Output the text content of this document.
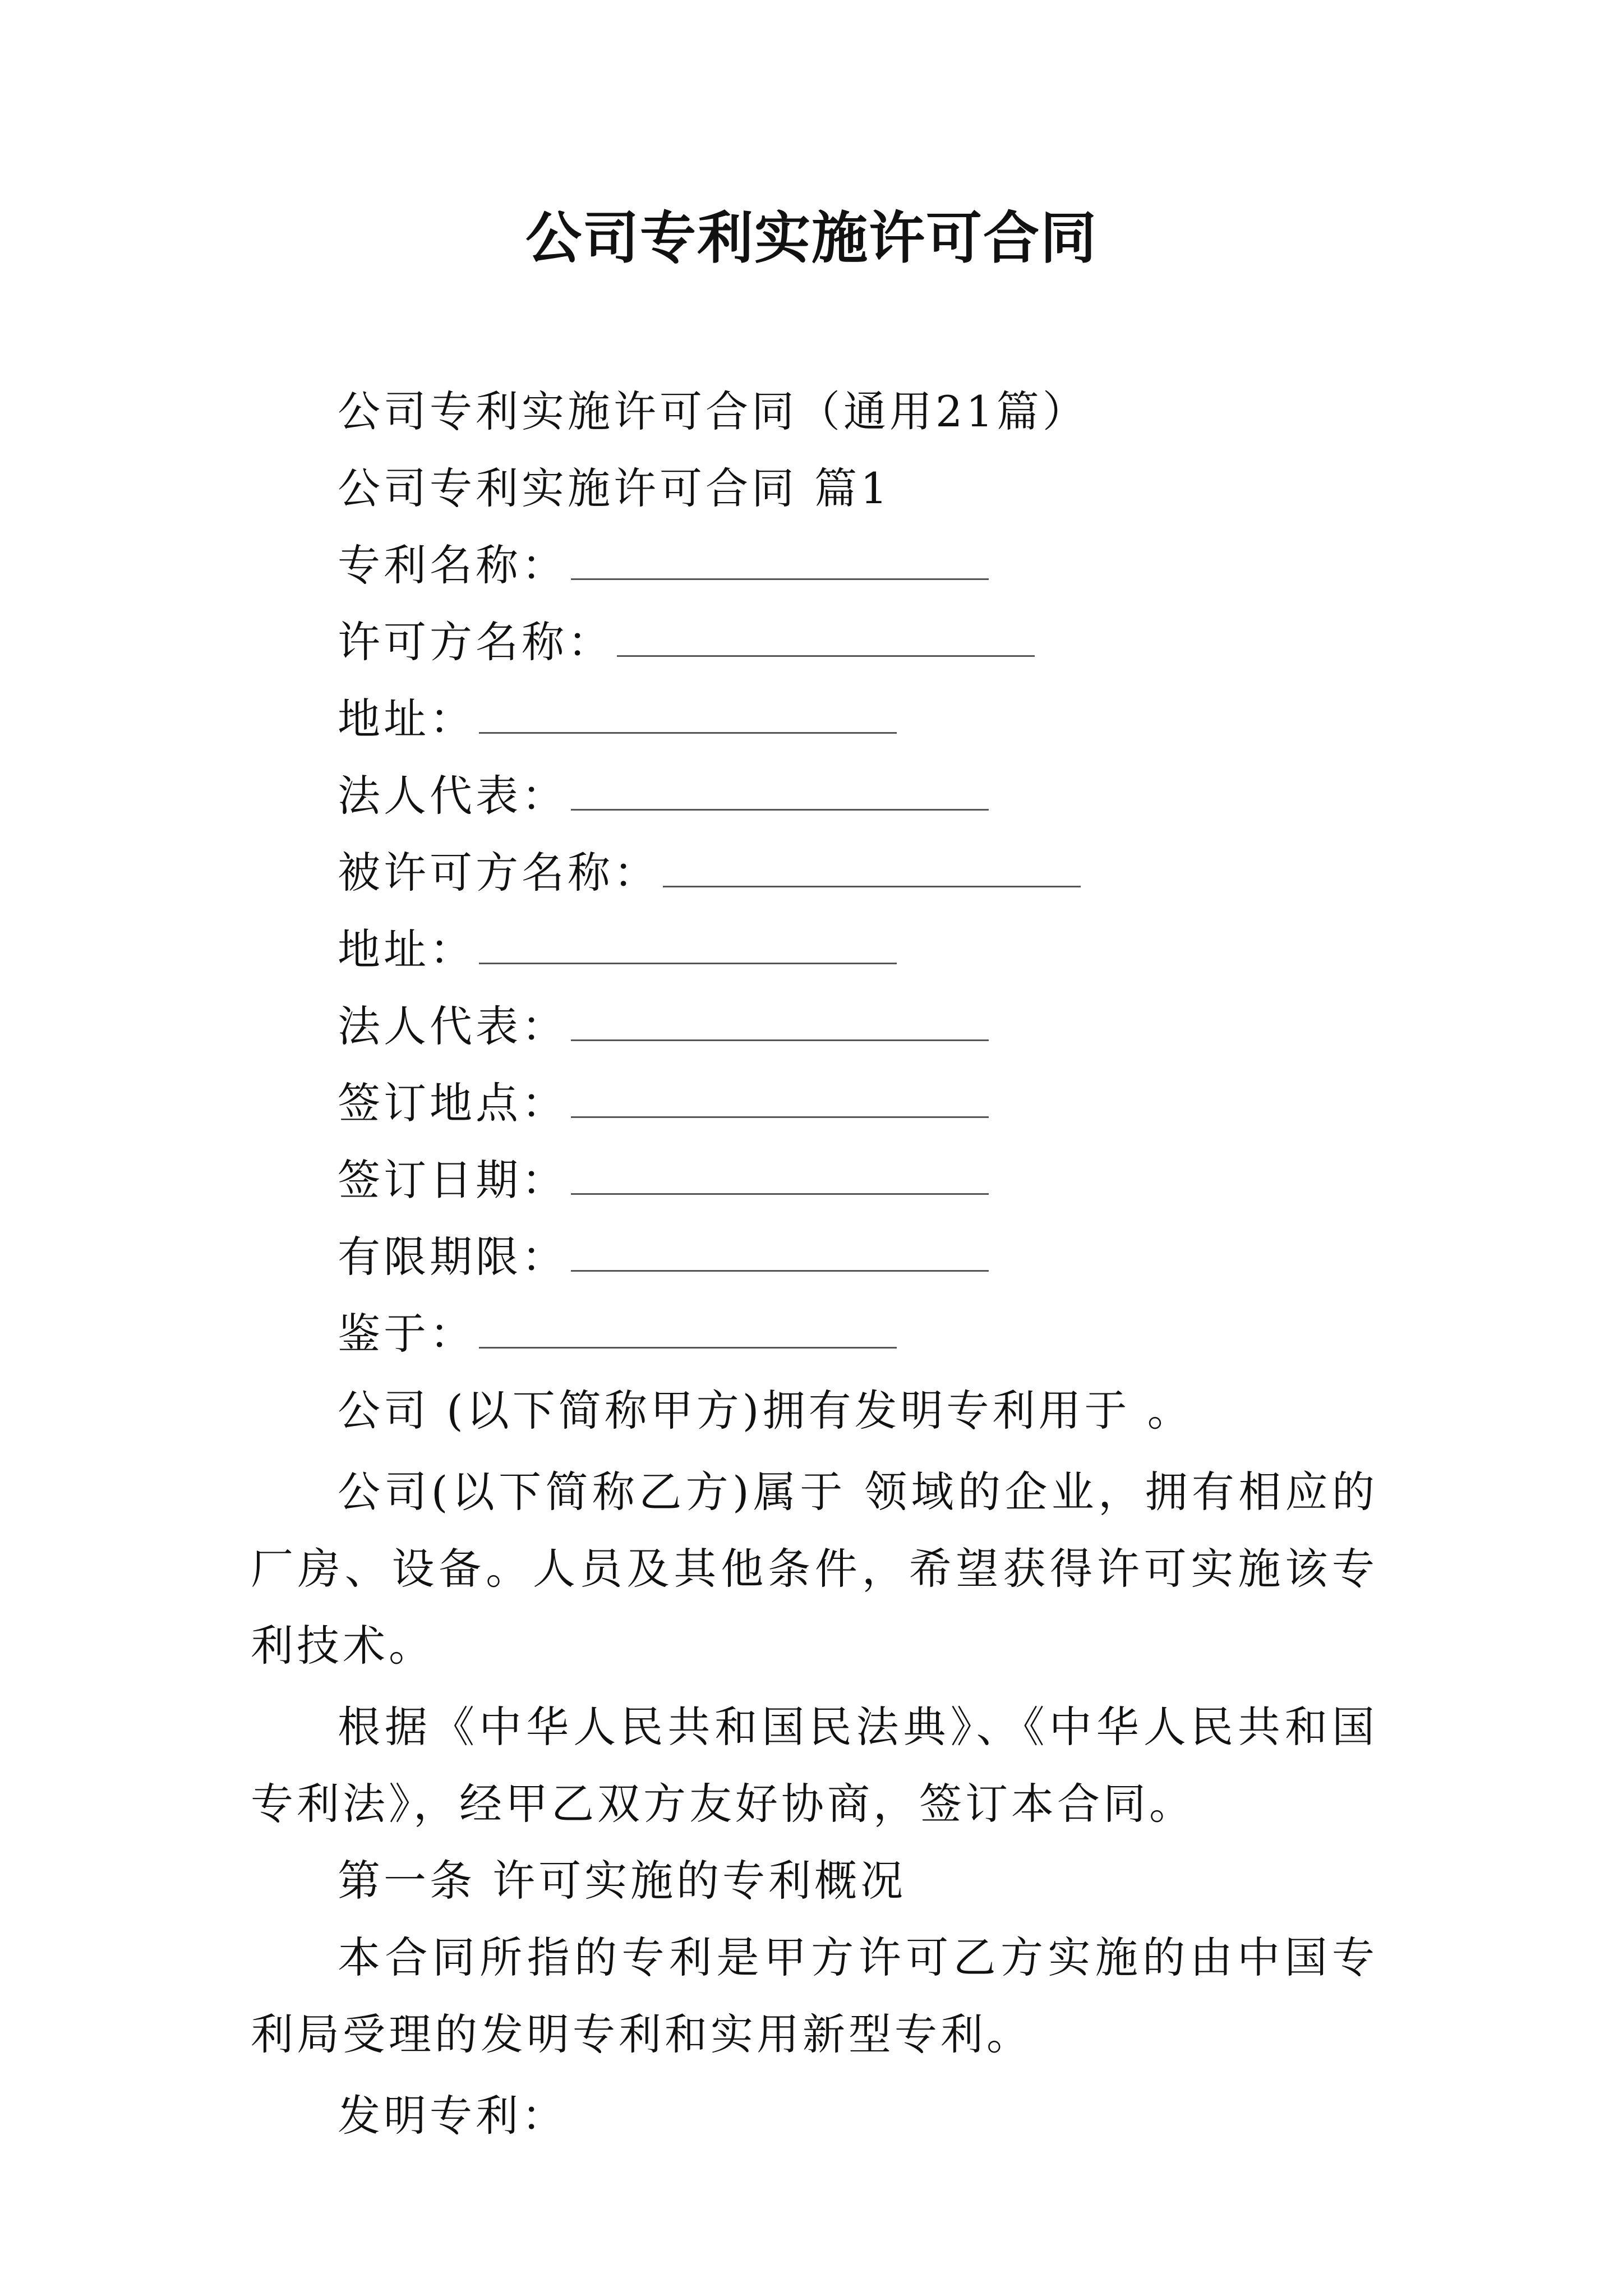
公司专利实施许可合同
公司专利实施许可合同（通用21篇）
公司专利实施许可合同 篇1
专利名称：
许可方名称：
地址：
法人代表：
被许可方名称：
地址：
法人代表：
签订地点：
签订日期：
有限期限：
鉴于：
公司 (以下简称甲方)拥有发明专利用于 。
公司(以下简称乙方)属于 领域的企业，拥有相应的厂房、设备。人员及其他条件，希望获得许可实施该专利技术。
根据《中华人民共和国民法典》、《中华人民共和国专利法》，经甲乙双方友好协商，签订本合同。
第一条 许可实施的专利概况
本合同所指的专利是甲方许可乙方实施的由中国专利局受理的发明专利和实用新型专利。
发明专利：
